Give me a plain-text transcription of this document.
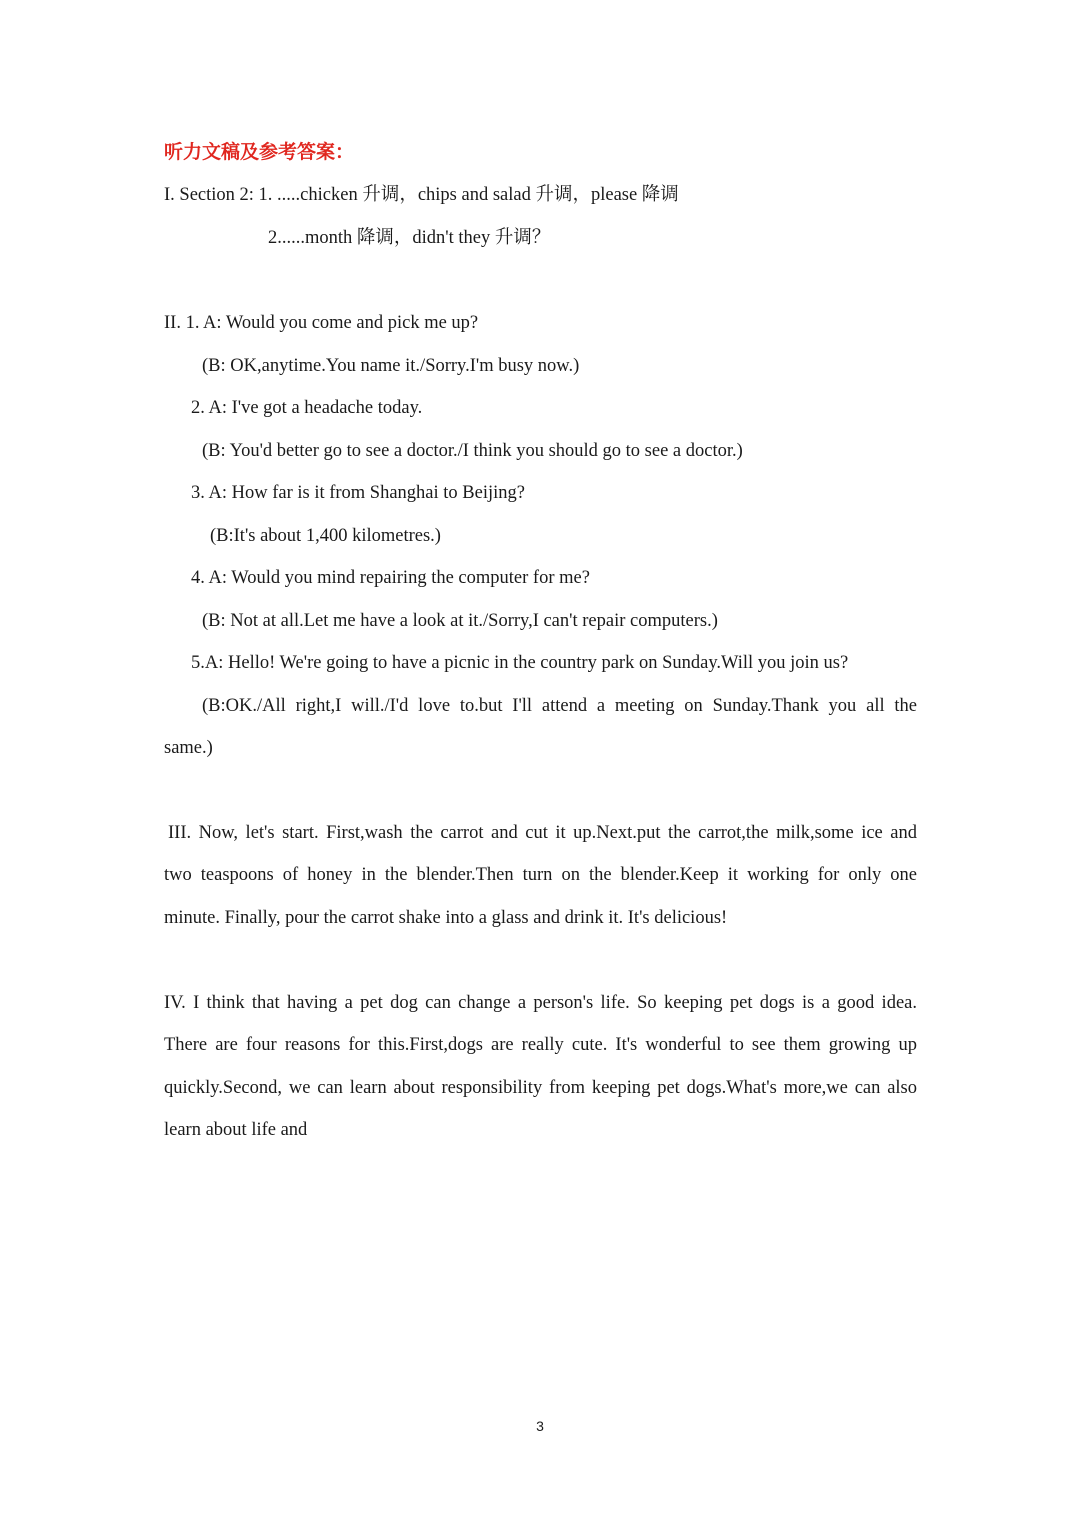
听力文稿及参考答案：
I. Section 2: 1. .....chicken 升调，chips and salad 升调，please 降调
2......month 降调，didn't they 升调？
II. 1. A: Would you come and pick me up?
(B: OK,anytime.You name it./Sorry.I'm busy now.)
2. A: I've got a headache today.
(B: You'd better go to see a doctor./I think you should go to see a doctor.)
3. A: How far is it from Shanghai to Beijing?
(B:It's about 1,400 kilometres.)
4. A: Would you mind repairing the computer for me?
(B: Not at all.Let me have a look at it./Sorry,I can't repair computers.)
5.A: Hello! We're going to have a picnic in the country park on Sunday.Will you join us?
(B:OK./All right,I will./I'd love to.but I'll attend a meeting on Sunday.Thank you all the
same.)
III. Now, let's start. First,wash the carrot and cut it up.Next.put the carrot,the milk,some ice and
two teaspoons of honey in the blender.Then turn on the blender.Keep it working for only one
minute. Finally, pour the carrot shake into a glass and drink it. It's delicious!
IV. I think that having a pet dog can change a person's life. So keeping pet dogs is a good idea.
There are four reasons for this.First,dogs are really cute. It's wonderful to see them growing up
quickly.Second, we can learn about responsibility from keeping pet dogs.What's more,we can also
learn about life and
3
